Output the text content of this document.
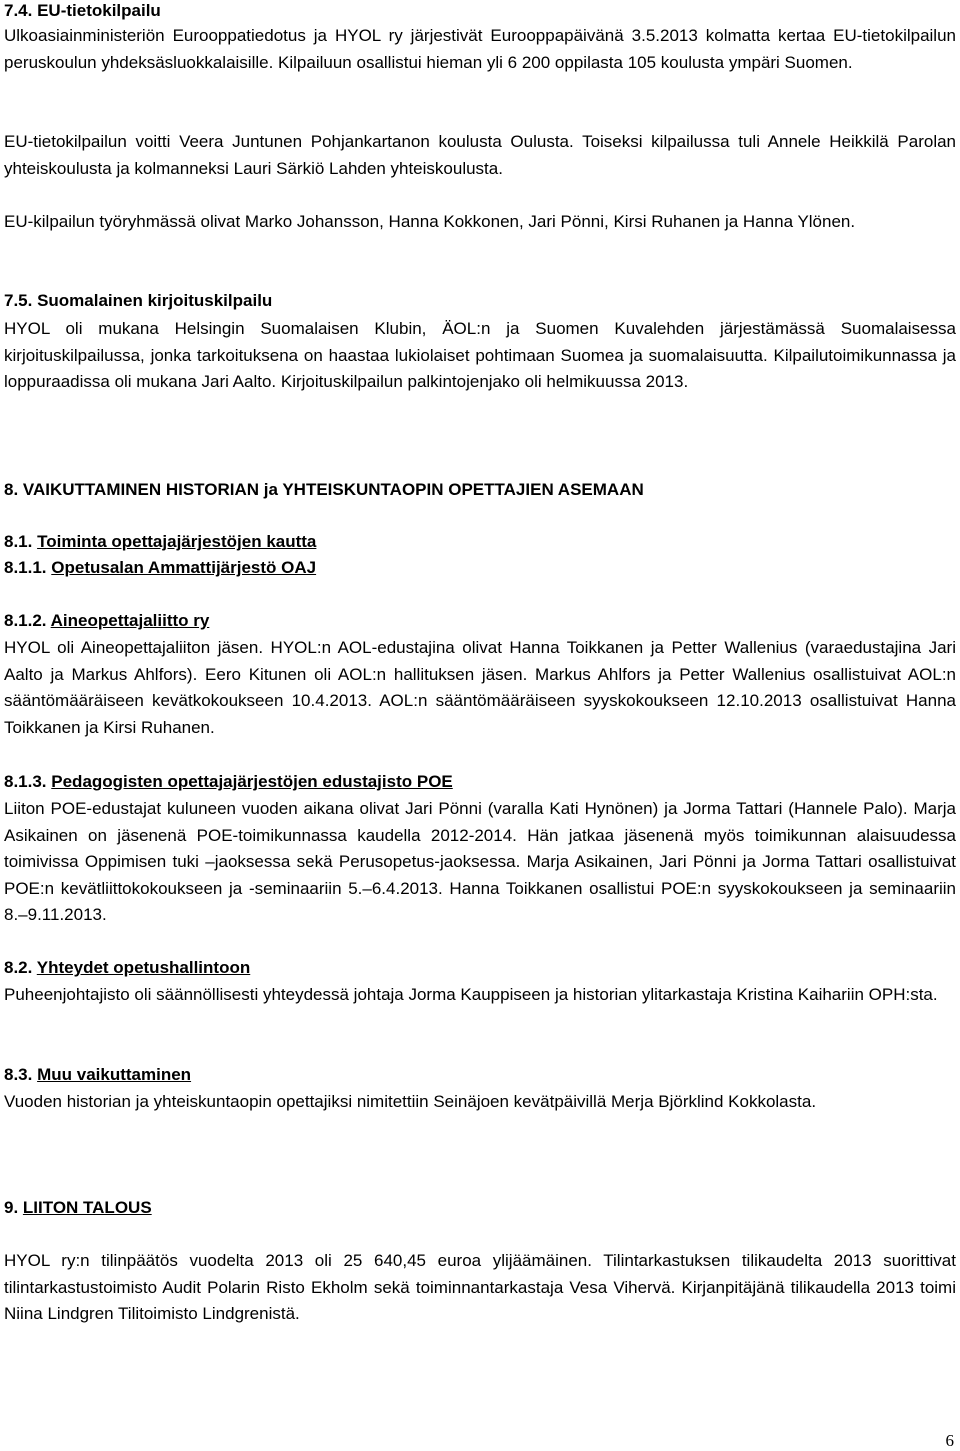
7.4. EU-tietokilpailu
Ulkoasiainministeriön Eurooppatiedotus ja HYOL ry järjestivät Eurooppapäivänä 3.5.2013 kolmatta kertaa EU-tietokilpailun peruskoulun yhdeksäsluokkalaisille. Kilpailuun osallistui hieman yli 6 200 oppilasta 105 koulusta ympäri Suomen.
EU-tietokilpailun voitti Veera Juntunen Pohjankartanon koulusta Oulusta. Toiseksi kilpailussa tuli Annele Heikkilä Parolan yhteiskoulusta ja kolmanneksi Lauri Särkiö Lahden yhteiskoulusta.
EU-kilpailun työryhmässä olivat Marko Johansson, Hanna Kokkonen, Jari Pönni, Kirsi Ruhanen ja Hanna Ylönen.
7.5. Suomalainen kirjoituskilpailu
HYOL oli mukana Helsingin Suomalaisen Klubin, ÄOL:n ja Suomen Kuvalehden järjestämässä Suomalaisessa kirjoituskilpailussa, jonka tarkoituksena on haastaa lukiolaiset pohtimaan Suomea ja suomalaisuutta. Kilpailutoimikunnassa ja loppuraadissa oli mukana Jari Aalto. Kirjoituskilpailun palkintojenjako oli helmikuussa 2013.
8. VAIKUTTAMINEN HISTORIAN ja YHTEISKUNTAOPIN OPETTAJIEN ASEMAAN
8.1. Toiminta opettajajärjestöjen kautta
8.1.1. Opetusalan Ammattijärjestö OAJ
8.1.2. Aineopettajaliitto ry
HYOL oli Aineopettajaliiton jäsen. HYOL:n AOL-edustajina olivat Hanna Toikkanen ja Petter Wallenius (varaedustajina Jari Aalto ja Markus Ahlfors). Eero Kitunen oli AOL:n hallituksen jäsen. Markus Ahlfors ja Petter Wallenius osallistuivat AOL:n sääntömääräiseen kevätkokoukseen 10.4.2013. AOL:n sääntömääräiseen syyskokoukseen 12.10.2013 osallistuivat Hanna Toikkanen ja Kirsi Ruhanen.
8.1.3. Pedagogisten opettajajärjestöjen edustajisto POE
Liiton POE-edustajat kuluneen vuoden aikana olivat Jari Pönni (varalla Kati Hynönen) ja Jorma Tattari (Hannele Palo). Marja Asikainen on jäsenenä POE-toimikunnassa kaudella 2012-2014. Hän jatkaa jäsenenä myös toimikunnan alaisuudessa toimivissa Oppimisen tuki –jaoksessa sekä Perusopetus-jaoksessa. Marja Asikainen, Jari Pönni ja Jorma Tattari osallistuivat POE:n kevätliittokokoukseen ja -seminaariin 5.–6.4.2013. Hanna Toikkanen osallistui POE:n syyskokoukseen ja seminaariin 8.–9.11.2013.
8.2. Yhteydet opetushallintoon
Puheenjohtajisto oli säännöllisesti yhteydessä johtaja Jorma Kauppiseen ja historian ylitarkastaja Kristina Kaihariin OPH:sta.
8.3. Muu vaikuttaminen
Vuoden historian ja yhteiskuntaopin opettajiksi nimitettiin Seinäjoen kevätpäivillä Merja Björklind Kokkolasta.
9. LIITON TALOUS
HYOL ry:n tilinpäätös vuodelta 2013 oli 25 640,45 euroa ylijäämäinen. Tilintarkastuksen tilikaudelta 2013 suorittivat tilintarkastustoimisto Audit Polarin Risto Ekholm sekä toiminnantarkastaja Vesa Vihervä. Kirjanpitäjänä tilikaudella 2013 toimi Niina Lindgren Tilitoimisto Lindgrenistä.
6
